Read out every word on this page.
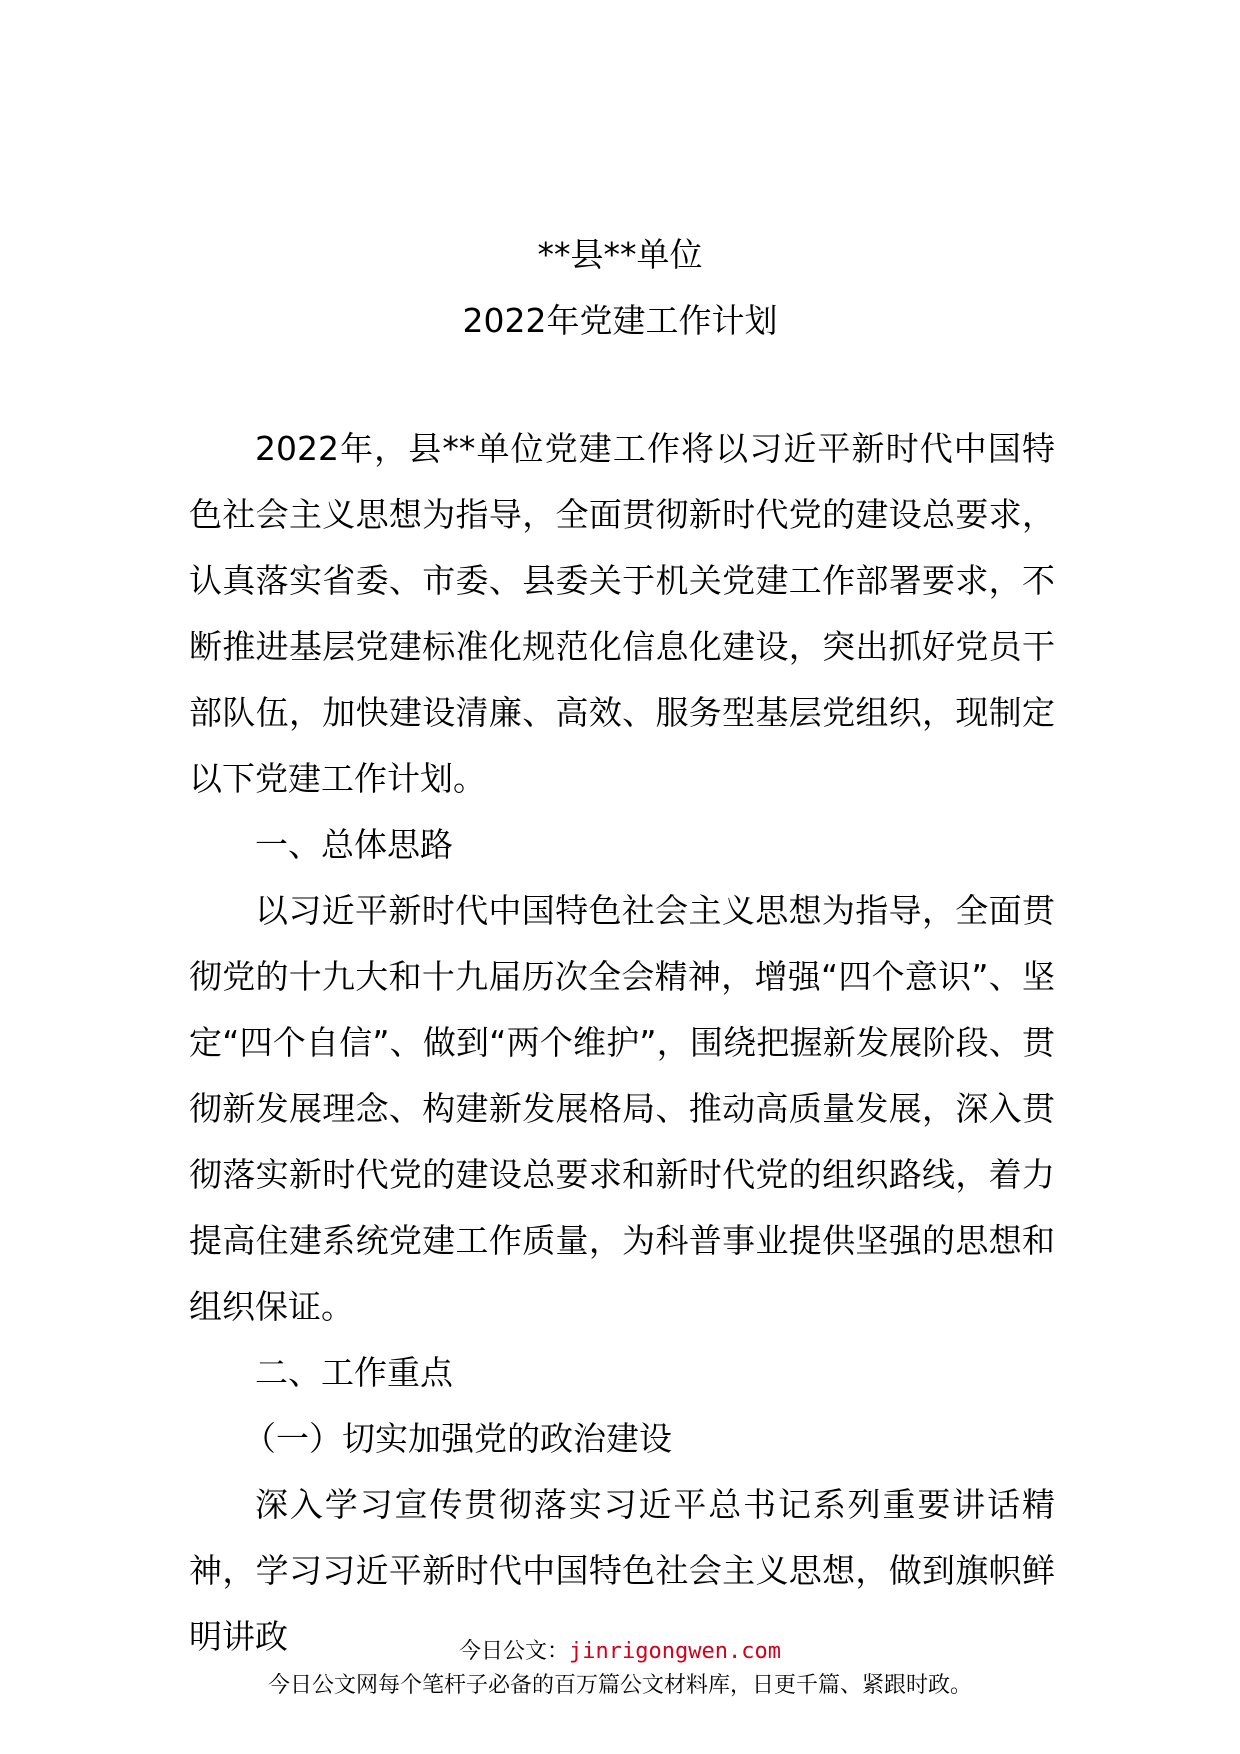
**县**单位
2022年党建工作计划

2022年，县**单位党建工作将以习近平新时代中国特色社会主义思想为指导，全面贯彻新时代党的建设总要求，认真落实省委、市委、县委关于机关党建工作部署要求，不断推进基层党建标准化规范化信息化建设，突出抓好党员干部队伍，加快建设清廉、高效、服务型基层党组织，现制定以下党建工作计划。

一、总体思路

以习近平新时代中国特色社会主义思想为指导，全面贯彻党的十九大和十九届历次全会精神，增强“四个意识”、坚定“四个自信”、做到“两个维护”，围绕把握新发展阶段、贯彻新发展理念、构建新发展格局、推动高质量发展，深入贯彻落实新时代党的建设总要求和新时代党的组织路线，着力提高住建系统党建工作质量，为科普事业提供坚强的思想和组织保证。

二、工作重点

（一）切实加强党的政治建设

深入学习宣传贯彻落实习近平总书记系列重要讲话精神，学习习近平新时代中国特色社会主义思想，做到旗帜鲜明讲政	今日公文：jinrigongwen.com
今日公文网每个笔杆子必备的百万篇公文材料库，日更千篇、紧跟时政。
